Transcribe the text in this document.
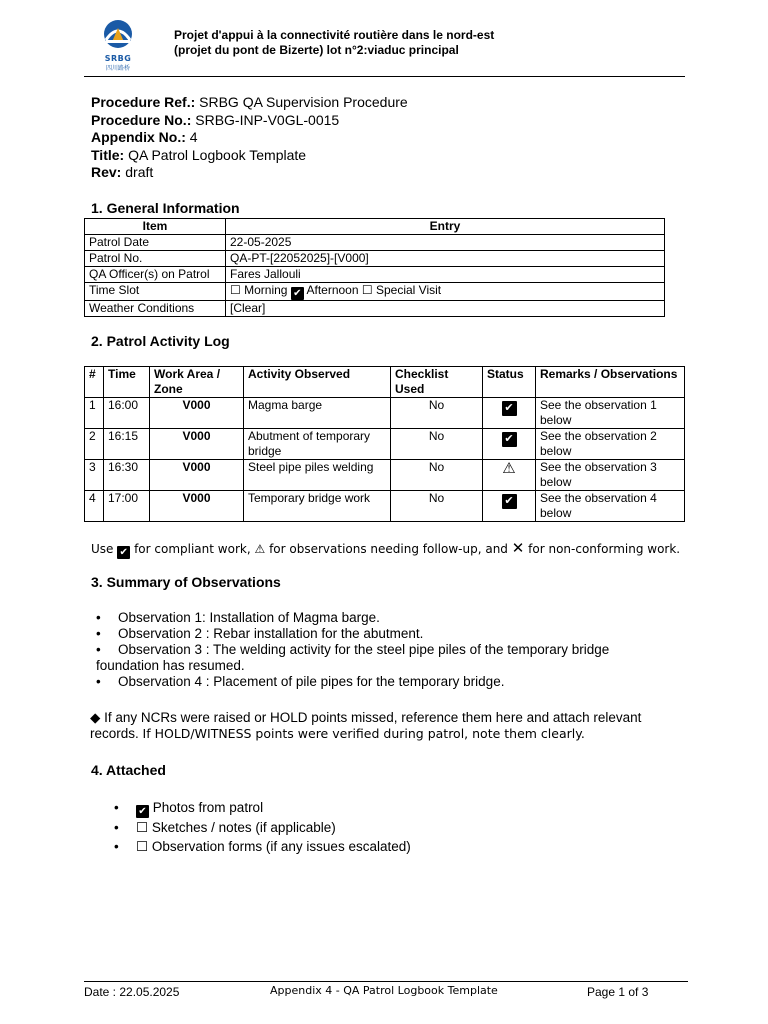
SRBG
四川路桥
Projet d'appui à la connectivité routière dans le nord-est
(projet du pont de Bizerte) lot n°2:viaduc principal
Procedure Ref.: SRBG QA Supervision Procedure
Procedure No.: SRBG-INP-V0GL-0015
Appendix No.: 4
Title: QA Patrol Logbook Template
Rev: draft
1. General Information
Item	Entry
Patrol Date	22-05-2025
Patrol No.	QA-PT-[22052025]-[V000]
QA Officer(s) on Patrol	Fares Jallouli
Time Slot	☐ Morning ✔ Afternoon ☐ Special Visit
Weather Conditions	[Clear]
2. Patrol Activity Log
#	Time	Work Area / Zone	Activity Observed	Checklist Used	Status	Remarks / Observations
1	16:00	V000	Magma barge	No	✔	See the observation 1 below
2	16:15	V000	Abutment of temporary bridge	No	✔	See the observation 2 below
3	16:30	V000	Steel pipe piles welding	No	⚠	See the observation 3 below
4	17:00	V000	Temporary bridge work	No	✔	See the observation 4 below
Use ✔ for compliant work, ⚠ for observations needing follow-up, and ✕ for non-conforming work.
3. Summary of Observations
• Observation 1: Installation of Magma barge.
• Observation 2 : Rebar installation for the abutment.
• Observation 3 : The welding activity for the steel pipe piles of the temporary bridge
foundation has resumed.
• Observation 4 : Placement of pile pipes for the temporary bridge.
◆ If any NCRs were raised or HOLD points missed, reference them here and attach relevant
records. If HOLD/WITNESS points were verified during patrol, note them clearly.
4. Attached
• ✔ Photos from patrol
• ☐ Sketches / notes (if applicable)
• ☐ Observation forms (if any issues escalated)
Date : 22.05.2025	Appendix 4 - QA Patrol Logbook Template	Page 1 of 3
